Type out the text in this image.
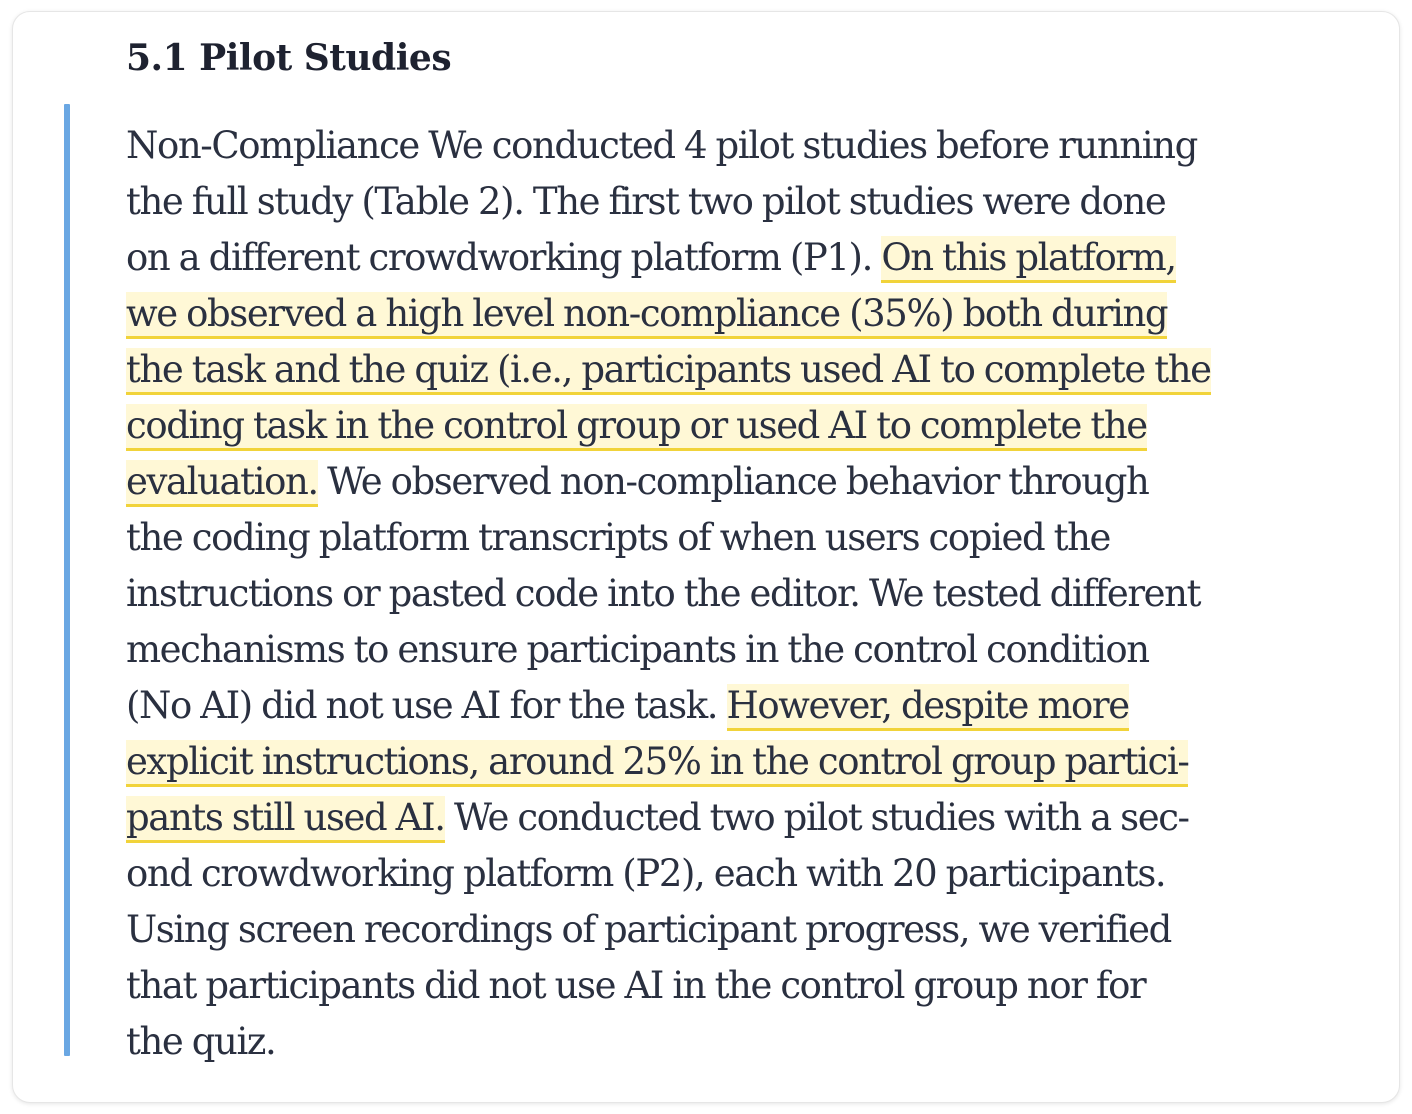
5.1 Pilot Studies

Non-Compliance We conducted 4 pilot studies before running
the full study (Table 2). The first two pilot studies were done
on a different crowdworking platform (P1). On this platform,
we observed a high level non-compliance (35%) both during
the task and the quiz (i.e., participants used AI to complete the
coding task in the control group or used AI to complete the
evaluation. We observed non-compliance behavior through
the coding platform transcripts of when users copied the
instructions or pasted code into the editor. We tested different
mechanisms to ensure participants in the control condition
(No AI) did not use AI for the task. However, despite more
explicit instructions, around 25% in the control group partici-
pants still used AI. We conducted two pilot studies with a sec-
ond crowdworking platform (P2), each with 20 participants.
Using screen recordings of participant progress, we verified
that participants did not use AI in the control group nor for
the quiz.
